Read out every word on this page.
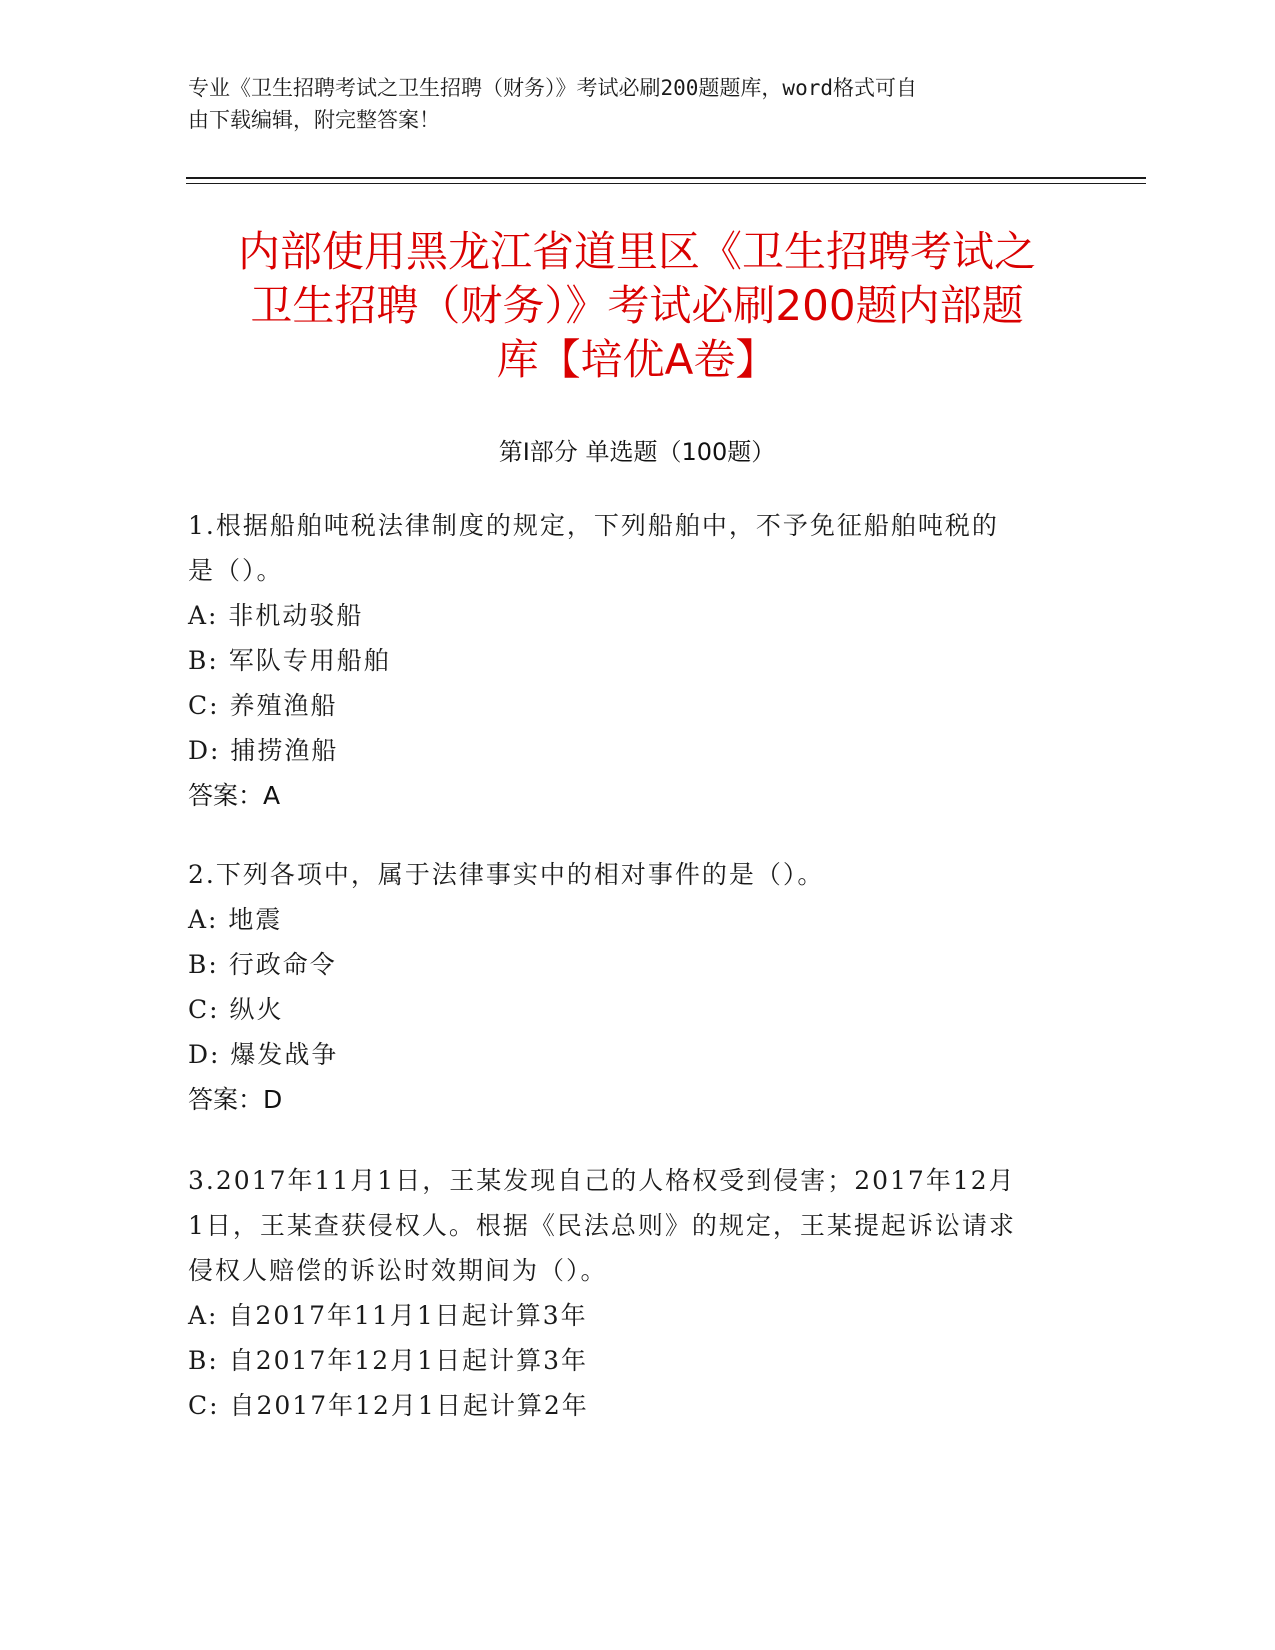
专业《卫生招聘考试之卫生招聘（财务）》考试必刷200题题库，word格式可自
由下载编辑，附完整答案！
内部使用黑龙江省道里区《卫生招聘考试之
卫生招聘（财务）》考试必刷200题内部题
库【培优A卷】
第Ⅰ部分 单选题（100题）

1.根据船舶吨税法律制度的规定，下列船舶中，不予免征船舶吨税的

是（）。

A: 非机动驳船

B: 军队专用船舶

C: 养殖渔船

D: 捕捞渔船

答案：A

2.下列各项中，属于法律事实中的相对事件的是（）。

A: 地震

B: 行政命令

C: 纵火

D: 爆发战争

答案：D

3.2017年11月1日，王某发现自己的人格权受到侵害；2017年12月

1日，王某查获侵权人。根据《民法总则》的规定，王某提起诉讼请求

侵权人赔偿的诉讼时效期间为（）。

A: 自2017年11月1日起计算3年

B: 自2017年12月1日起计算3年

C: 自2017年12月1日起计算2年
